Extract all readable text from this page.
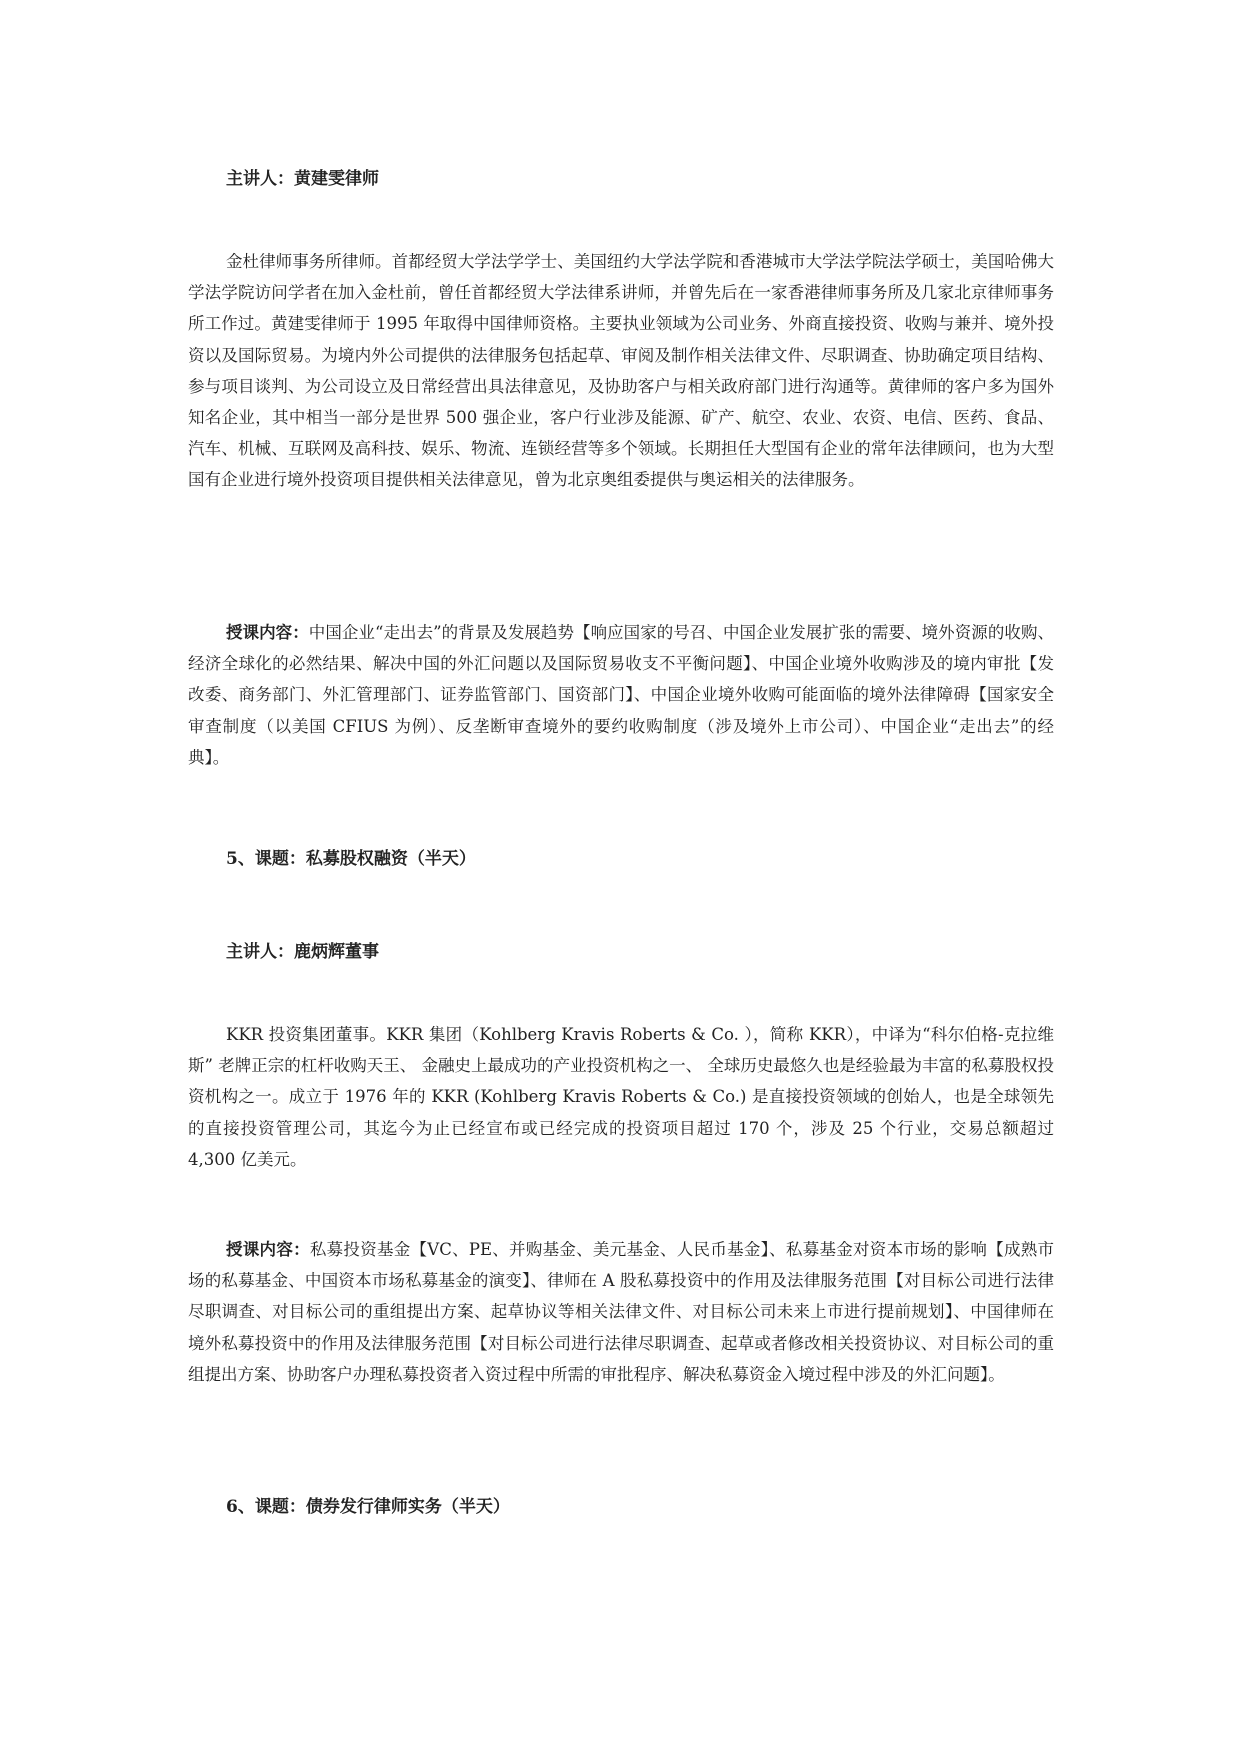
主讲人：黄建雯律师

金杜律师事务所律师。首都经贸大学法学学士、美国纽约大学法学院和香港城市大学法学院法学硕士，美国哈佛大学法学院访问学者在加入金杜前，曾任首都经贸大学法律系讲师，并曾先后在一家香港律师事务所及几家北京律师事务所工作过。黄建雯律师于 1995 年取得中国律师资格。主要执业领域为公司业务、外商直接投资、收购与兼并、境外投资以及国际贸易。为境内外公司提供的法律服务包括起草、审阅及制作相关法律文件、尽职调查、协助确定项目结构、参与项目谈判、为公司设立及日常经营出具法律意见，及协助客户与相关政府部门进行沟通等。黄律师的客户多为国外知名企业，其中相当一部分是世界 500 强企业，客户行业涉及能源、矿产、航空、农业、农资、电信、医药、食品、汽车、机械、互联网及高科技、娱乐、物流、连锁经营等多个领域。长期担任大型国有企业的常年法律顾问，也为大型国有企业进行境外投资项目提供相关法律意见，曾为北京奥组委提供与奥运相关的法律服务。

授课内容：中国企业“走出去”的背景及发展趋势【响应国家的号召、中国企业发展扩张的需要、境外资源的收购、经济全球化的必然结果、解决中国的外汇问题以及国际贸易收支不平衡问题】、中国企业境外收购涉及的境内审批【发改委、商务部门、外汇管理部门、证券监管部门、国资部门】、中国企业境外收购可能面临的境外法律障碍【国家安全审查制度（以美国 CFIUS 为例）、反垄断审查境外的要约收购制度（涉及境外上市公司）、中国企业“走出去”的经典】。

5、课题：私募股权融资（半天）

主讲人：鹿炳辉董事

KKR 投资集团董事。KKR 集团（Kohlberg Kravis Roberts & Co. ），简称 KKR），中译为“科尔伯格-克拉维斯” 老牌正宗的杠杆收购天王、 金融史上最成功的产业投资机构之一、 全球历史最悠久也是经验最为丰富的私募股权投资机构之一。成立于 1976 年的 KKR (Kohlberg Kravis Roberts & Co.) 是直接投资领域的创始人，也是全球领先的直接投资管理公司，其迄今为止已经宣布或已经完成的投资项目超过 170 个，涉及 25 个行业，交易总额超过 4,300 亿美元。

授课内容：私募投资基金【VC、PE、并购基金、美元基金、人民币基金】、私募基金对资本市场的影响【成熟市场的私募基金、中国资本市场私募基金的演变】、律师在 A 股私募投资中的作用及法律服务范围【对目标公司进行法律尽职调查、对目标公司的重组提出方案、起草协议等相关法律文件、对目标公司未来上市进行提前规划】、中国律师在境外私募投资中的作用及法律服务范围【对目标公司进行法律尽职调查、起草或者修改相关投资协议、对目标公司的重组提出方案、协助客户办理私募投资者入资过程中所需的审批程序、解决私募资金入境过程中涉及的外汇问题】。

6、课题：债券发行律师实务（半天）
